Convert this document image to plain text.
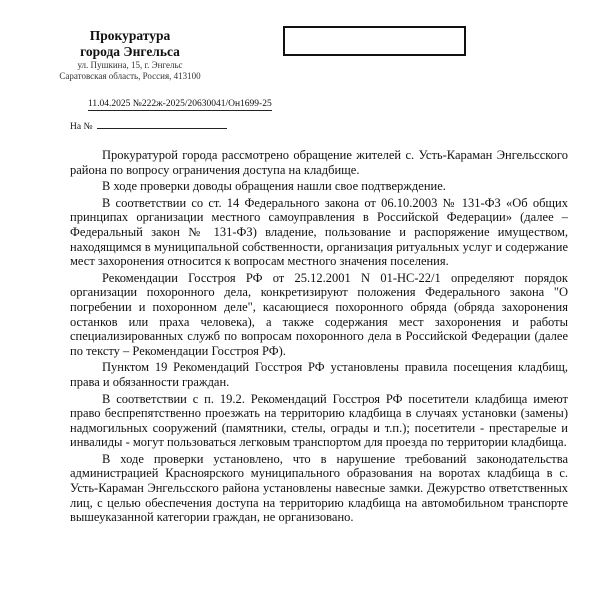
Прокуратура
города Энгельса
ул. Пушкина, 15, г. Энгельс
Саратовская область, Россия, 413100
11.04.2025 №222ж-2025/20630041/Он1699-25
На №

Прокуратурой города рассмотрено обращение жителей с. Усть-Караман Энгельсского района по вопросу ограничения доступа на кладбище.

В ходе проверки доводы обращения нашли свое подтверждение.

В соответствии со ст. 14 Федерального закона от 06.10.2003 № 131-ФЗ «Об общих принципах организации местного самоуправления в Российской Федерации» (далее – Федеральный закон № 131-ФЗ) владение, пользование и распоряжение имуществом, находящимся в муниципальной собственности, организация ритуальных услуг и содержание мест захоронения относится к вопросам местного значения поселения.

Рекомендации Госстроя РФ от 25.12.2001 N 01-НС-22/1 определяют порядок организации похоронного дела, конкретизируют положения Федерального закона "О погребении и похоронном деле", касающиеся похоронного обряда (обряда захоронения останков или праха человека), а также содержания мест захоронения и работы специализированных служб по вопросам похоронного дела в Российской Федерации (далее по тексту – Рекомендации Госстроя РФ).

Пунктом 19 Рекомендаций Госстроя РФ установлены правила посещения кладбищ, права и обязанности граждан.

В соответствии с п. 19.2. Рекомендаций Госстроя РФ посетители кладбища имеют право беспрепятственно проезжать на территорию кладбища в случаях установки (замены) надмогильных сооружений (памятники, стелы, ограды и т.п.); посетители - престарелые и инвалиды - могут пользоваться легковым транспортом для проезда по территории кладбища.

В ходе проверки установлено, что в нарушение требований законодательства администрацией Красноярского муниципального образования на воротах кладбища в с. Усть-Караман Энгельсского района установлены навесные замки. Дежурство ответственных лиц, с целью обеспечения доступа на территорию кладбища на автомобильном транспорте вышеуказанной категории граждан, не организовано.
